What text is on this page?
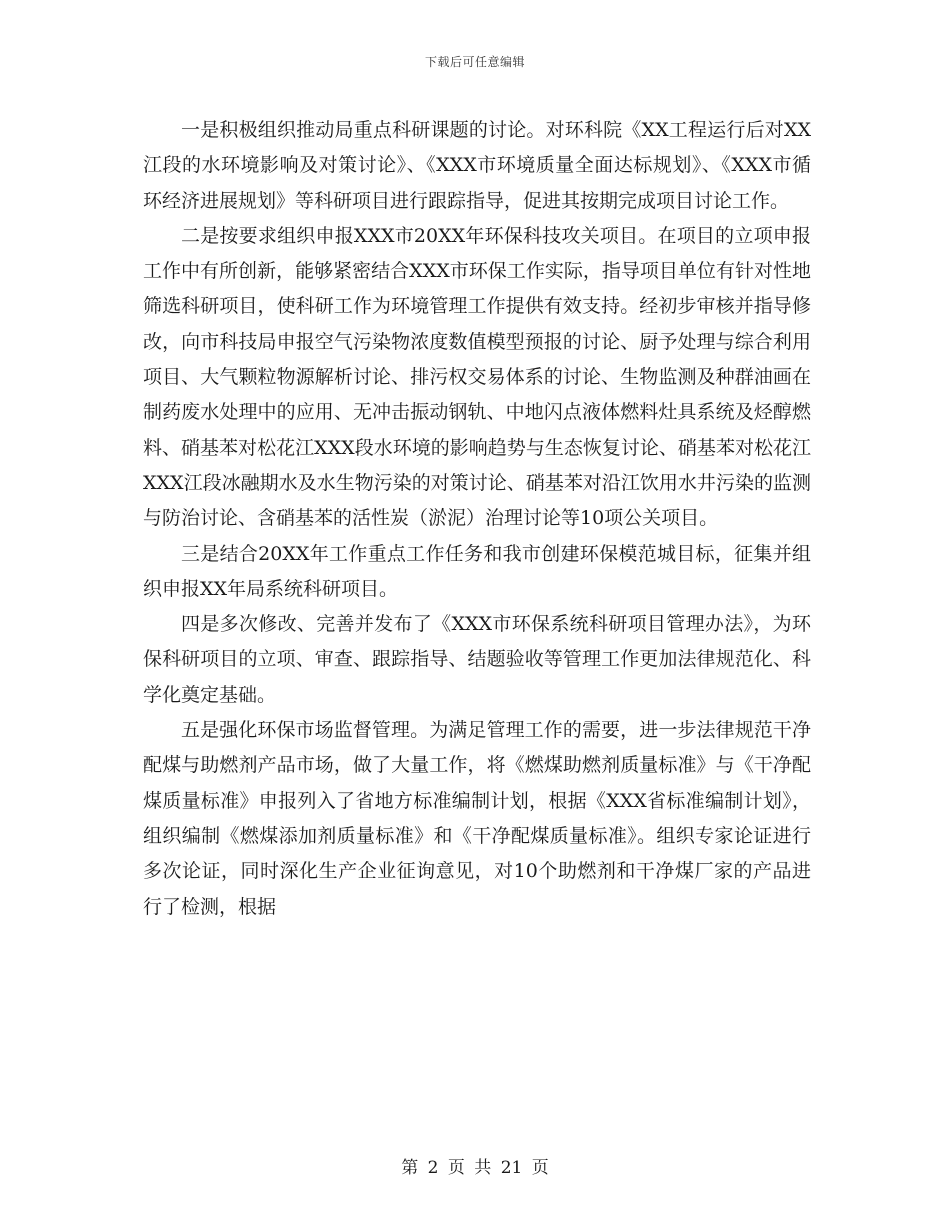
下载后可任意编辑

一是积极组织推动局重点科研课题的讨论。对环科院《XX工程运行后对XX江段的水环境影响及对策讨论》、《XXX市环境质量全面达标规划》、《XXX市循环经济进展规划》等科研项目进行跟踪指导，促进其按期完成项目讨论工作。

二是按要求组织申报XXX市20XX年环保科技攻关项目。在项目的立项申报工作中有所创新，能够紧密结合XXX市环保工作实际，指导项目单位有针对性地筛选科研项目，使科研工作为环境管理工作提供有效支持。经初步审核并指导修改，向市科技局申报空气污染物浓度数值模型预报的讨论、厨予处理与综合利用项目、大气颗粒物源解析讨论、排污权交易体系的讨论、生物监测及种群油画在制药废水处理中的应用、无冲击振动钢轨、中地闪点液体燃料灶具系统及烃醇燃料、硝基苯对松花江XXX段水环境的影响趋势与生态恢复讨论、硝基苯对松花江XXX江段冰融期水及水生物污染的对策讨论、硝基苯对沿江饮用水井污染的监测与防治讨论、含硝基苯的活性炭（淤泥）治理讨论等10项公关项目。

三是结合20XX年工作重点工作任务和我市创建环保模范城目标，征集并组织申报XX年局系统科研项目。

四是多次修改、完善并发布了《XXX市环保系统科研项目管理办法》，为环保科研项目的立项、审查、跟踪指导、结题验收等管理工作更加法律规范化、科学化奠定基础。

五是强化环保市场监督管理。为满足管理工作的需要，进一步法律规范干净配煤与助燃剂产品市场，做了大量工作，将《燃煤助燃剂质量标准》与《干净配煤质量标准》申报列入了省地方标准编制计划，根据《XXX省标准编制计划》，组织编制《燃煤添加剂质量标准》和《干净配煤质量标准》。组织专家论证进行多次论证，同时深化生产企业征询意见，对10个助燃剂和干净煤厂家的产品进行了检测，根据

第 2 页 共 21 页
